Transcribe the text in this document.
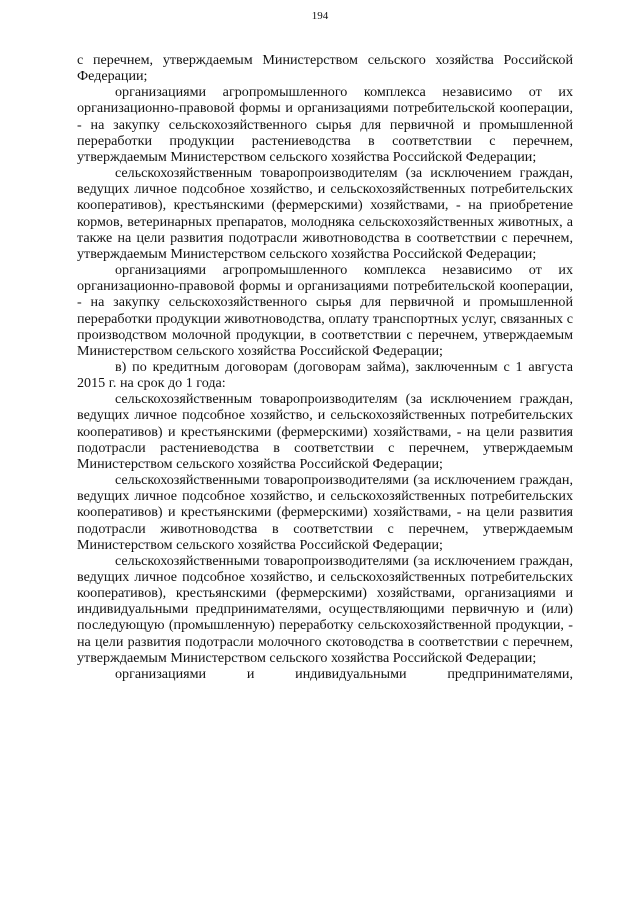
194

с перечнем, утверждаемым Министерством сельского хозяйства Российской Федерации;

организациями агропромышленного комплекса независимо от их организационно-правовой формы и организациями потребительской кооперации, - на закупку сельскохозяйственного сырья для первичной и промышленной переработки продукции растениеводства в соответствии с перечнем, утверждаемым Министерством сельского хозяйства Российской Федерации;

сельскохозяйственным товаропроизводителям (за исключением граждан, ведущих личное подсобное хозяйство, и сельскохозяйственных потребительских кооперативов), крестьянскими (фермерскими) хозяйствами, - на приобретение кормов, ветеринарных препаратов, молодняка сельскохозяйственных животных, а также на цели развития подотрасли животноводства в соответствии с перечнем, утверждаемым Министерством сельского хозяйства Российской Федерации;

организациями агропромышленного комплекса независимо от их организационно-правовой формы и организациями потребительской кооперации, - на закупку сельскохозяйственного сырья для первичной и промышленной переработки продукции животноводства, оплату транспортных услуг, связанных с производством молочной продукции, в соответствии с перечнем, утверждаемым Министерством сельского хозяйства Российской Федерации;

в) по кредитным договорам (договорам займа), заключенным с 1 августа 2015 г. на срок до 1 года:

сельскохозяйственным товаропроизводителям (за исключением граждан, ведущих личное подсобное хозяйство, и сельскохозяйственных потребительских кооперативов) и крестьянскими (фермерскими) хозяйствами, - на цели развития подотрасли растениеводства в соответствии с перечнем, утверждаемым Министерством сельского хозяйства Российской Федерации;

сельскохозяйственными товаропроизводителями (за исключением граждан, ведущих личное подсобное хозяйство, и сельскохозяйственных потребительских кооперативов) и крестьянскими (фермерскими) хозяйствами, - на цели развития подотрасли животноводства в соответствии с перечнем, утверждаемым Министерством сельского хозяйства Российской Федерации;

сельскохозяйственными товаропроизводителями (за исключением граждан, ведущих личное подсобное хозяйство, и сельскохозяйственных потребительских кооперативов), крестьянскими (фермерскими) хозяйствами, организациями и индивидуальными предпринимателями, осуществляющими первичную и (или) последующую (промышленную) переработку сельскохозяйственной продукции, - на цели развития подотрасли молочного скотоводства в соответствии с перечнем, утверждаемым Министерством сельского хозяйства Российской Федерации;

организациями и индивидуальными предпринимателями,
